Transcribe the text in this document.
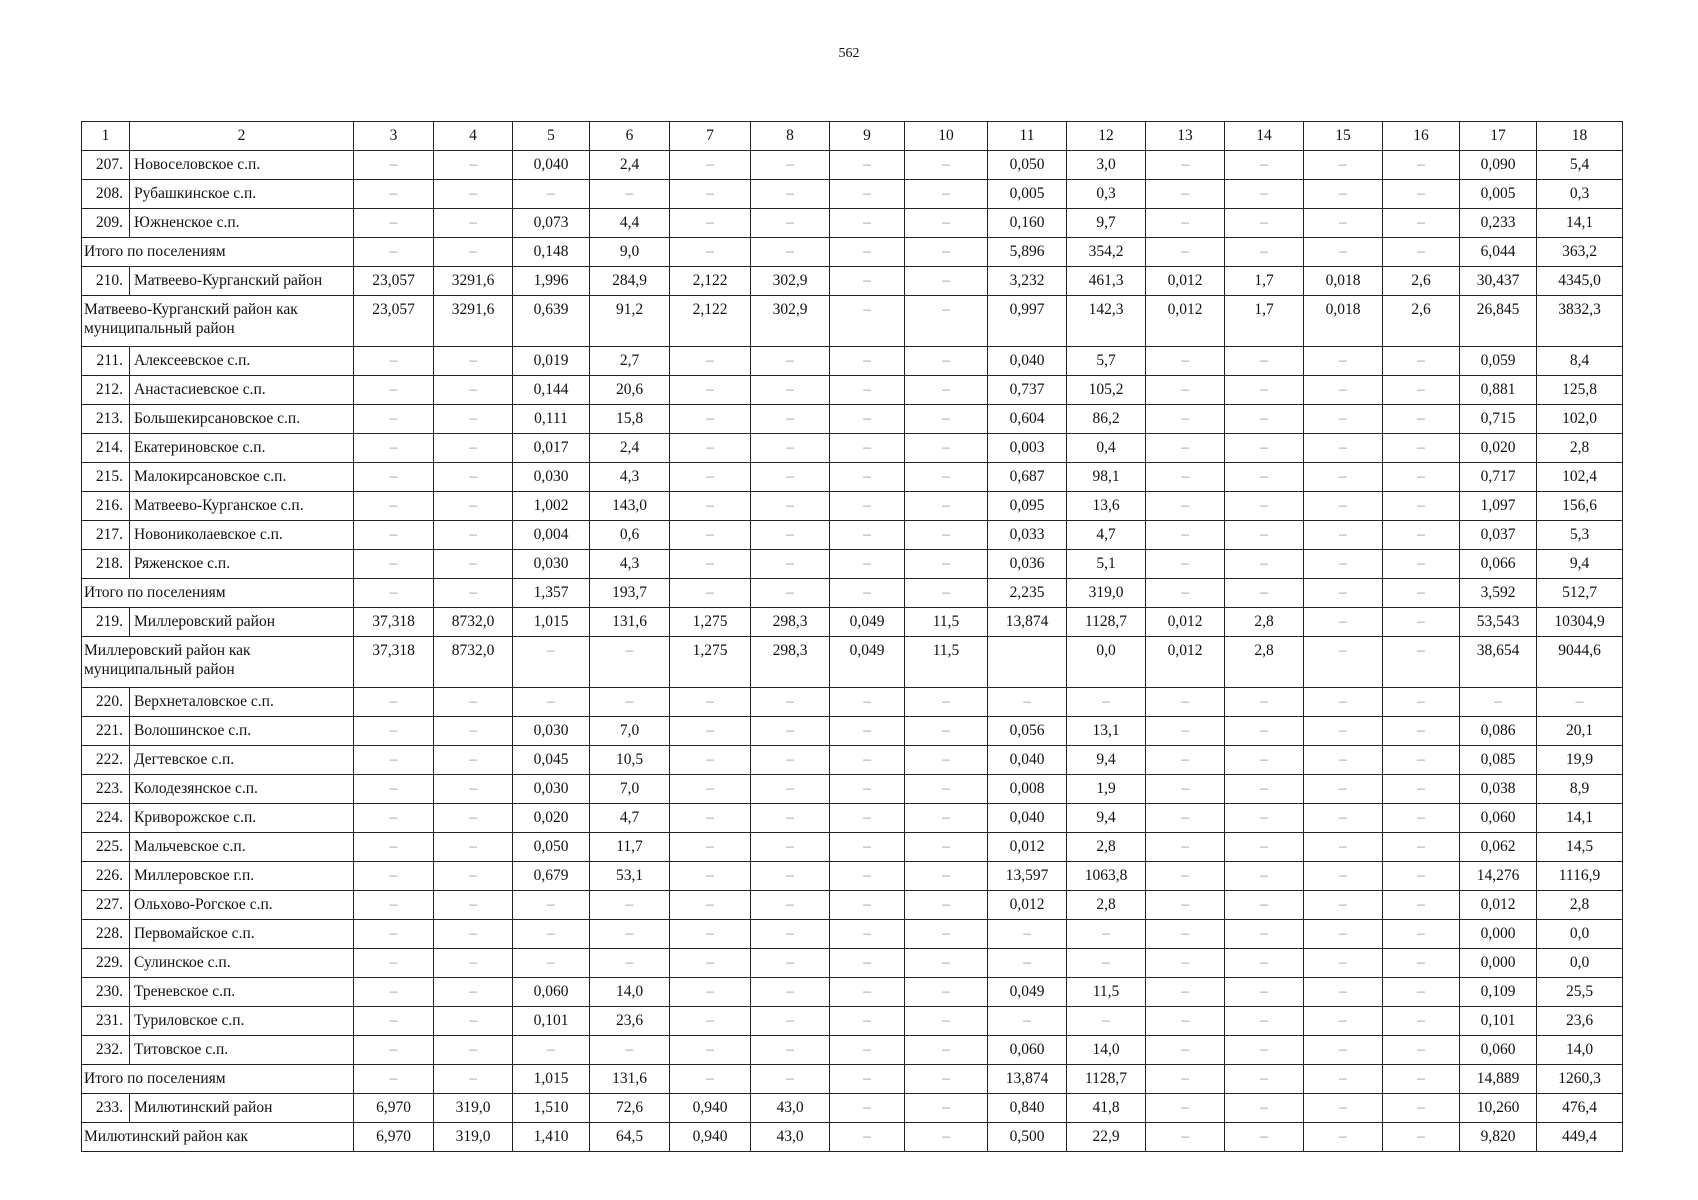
562
1	2	3	4	5	6	7	8	9	10	11	12	13	14	15	16	17	18
207.	Новоселовское с.п.	–	–	0,040	2,4	–	–	–	–	0,050	3,0	–	–	–	–	0,090	5,4
208.	Рубашкинское с.п.	–	–	–	–	–	–	–	–	0,005	0,3	–	–	–	–	0,005	0,3
209.	Южненское с.п.	–	–	0,073	4,4	–	–	–	–	0,160	9,7	–	–	–	–	0,233	14,1
Итого по поселениям		–	–	0,148	9,0	–	–	–	–	5,896	354,2	–	–	–	–	6,044	363,2
210.	Матвеево-Курганский район	23,057	3291,6	1,996	284,9	2,122	302,9	–	–	3,232	461,3	0,012	1,7	0,018	2,6	30,437	4345,0
Матвеево-Курганский район как муниципальный район		23,057	3291,6	0,639	91,2	2,122	302,9	–	–	0,997	142,3	0,012	1,7	0,018	2,6	26,845	3832,3
211.	Алексеевское с.п.	–	–	0,019	2,7	–	–	–	–	0,040	5,7	–	–	–	–	0,059	8,4
212.	Анастасиевское с.п.	–	–	0,144	20,6	–	–	–	–	0,737	105,2	–	–	–	–	0,881	125,8
213.	Большекирсановское с.п.	–	–	0,111	15,8	–	–	–	–	0,604	86,2	–	–	–	–	0,715	102,0
214.	Екатериновское с.п.	–	–	0,017	2,4	–	–	–	–	0,003	0,4	–	–	–	–	0,020	2,8
215.	Малокирсановское с.п.	–	–	0,030	4,3	–	–	–	–	0,687	98,1	–	–	–	–	0,717	102,4
216.	Матвеево-Курганское с.п.	–	–	1,002	143,0	–	–	–	–	0,095	13,6	–	–	–	–	1,097	156,6
217.	Новониколаевское с.п.	–	–	0,004	0,6	–	–	–	–	0,033	4,7	–	–	–	–	0,037	5,3
218.	Ряженское с.п.	–	–	0,030	4,3	–	–	–	–	0,036	5,1	–	–	–	–	0,066	9,4
Итого по поселениям		–	–	1,357	193,7	–	–	–	–	2,235	319,0	–	–	–	–	3,592	512,7
219.	Миллеровский район	37,318	8732,0	1,015	131,6	1,275	298,3	0,049	11,5	13,874	1128,7	0,012	2,8	–	–	53,543	10304,9
Миллеровский район как муниципальный район		37,318	8732,0	–	–	1,275	298,3	0,049	11,5		0,0	0,012	2,8	–	–	38,654	9044,6
220.	Верхнеталовское с.п.	–	–	–	–	–	–	–	–	–	–	–	–	–	–	–	–
221.	Волошинское с.п.	–	–	0,030	7,0	–	–	–	–	0,056	13,1	–	–	–	–	0,086	20,1
222.	Дегтевское с.п.	–	–	0,045	10,5	–	–	–	–	0,040	9,4	–	–	–	–	0,085	19,9
223.	Колодезянское с.п.	–	–	0,030	7,0	–	–	–	–	0,008	1,9	–	–	–	–	0,038	8,9
224.	Криворожское с.п.	–	–	0,020	4,7	–	–	–	–	0,040	9,4	–	–	–	–	0,060	14,1
225.	Мальчевское с.п.	–	–	0,050	11,7	–	–	–	–	0,012	2,8	–	–	–	–	0,062	14,5
226.	Миллеровское г.п.	–	–	0,679	53,1	–	–	–	–	13,597	1063,8	–	–	–	–	14,276	1116,9
227.	Ольхово-Рогское с.п.	–	–	–	–	–	–	–	–	0,012	2,8	–	–	–	–	0,012	2,8
228.	Первомайское с.п.	–	–	–	–	–	–	–	–	–	–	–	–	–	–	0,000	0,0
229.	Сулинское с.п.	–	–	–	–	–	–	–	–	–	–	–	–	–	–	0,000	0,0
230.	Треневское с.п.	–	–	0,060	14,0	–	–	–	–	0,049	11,5	–	–	–	–	0,109	25,5
231.	Туриловское с.п.	–	–	0,101	23,6	–	–	–	–	–	–	–	–	–	–	0,101	23,6
232.	Титовское с.п.	–	–	–	–	–	–	–	–	0,060	14,0	–	–	–	–	0,060	14,0
Итого по поселениям		–	–	1,015	131,6	–	–	–	–	13,874	1128,7	–	–	–	–	14,889	1260,3
233.	Милютинский район	6,970	319,0	1,510	72,6	0,940	43,0	–	–	0,840	41,8	–	–	–	–	10,260	476,4
Милютинский район как		6,970	319,0	1,410	64,5	0,940	43,0	–	–	0,500	22,9	–	–	–	–	9,820	449,4
